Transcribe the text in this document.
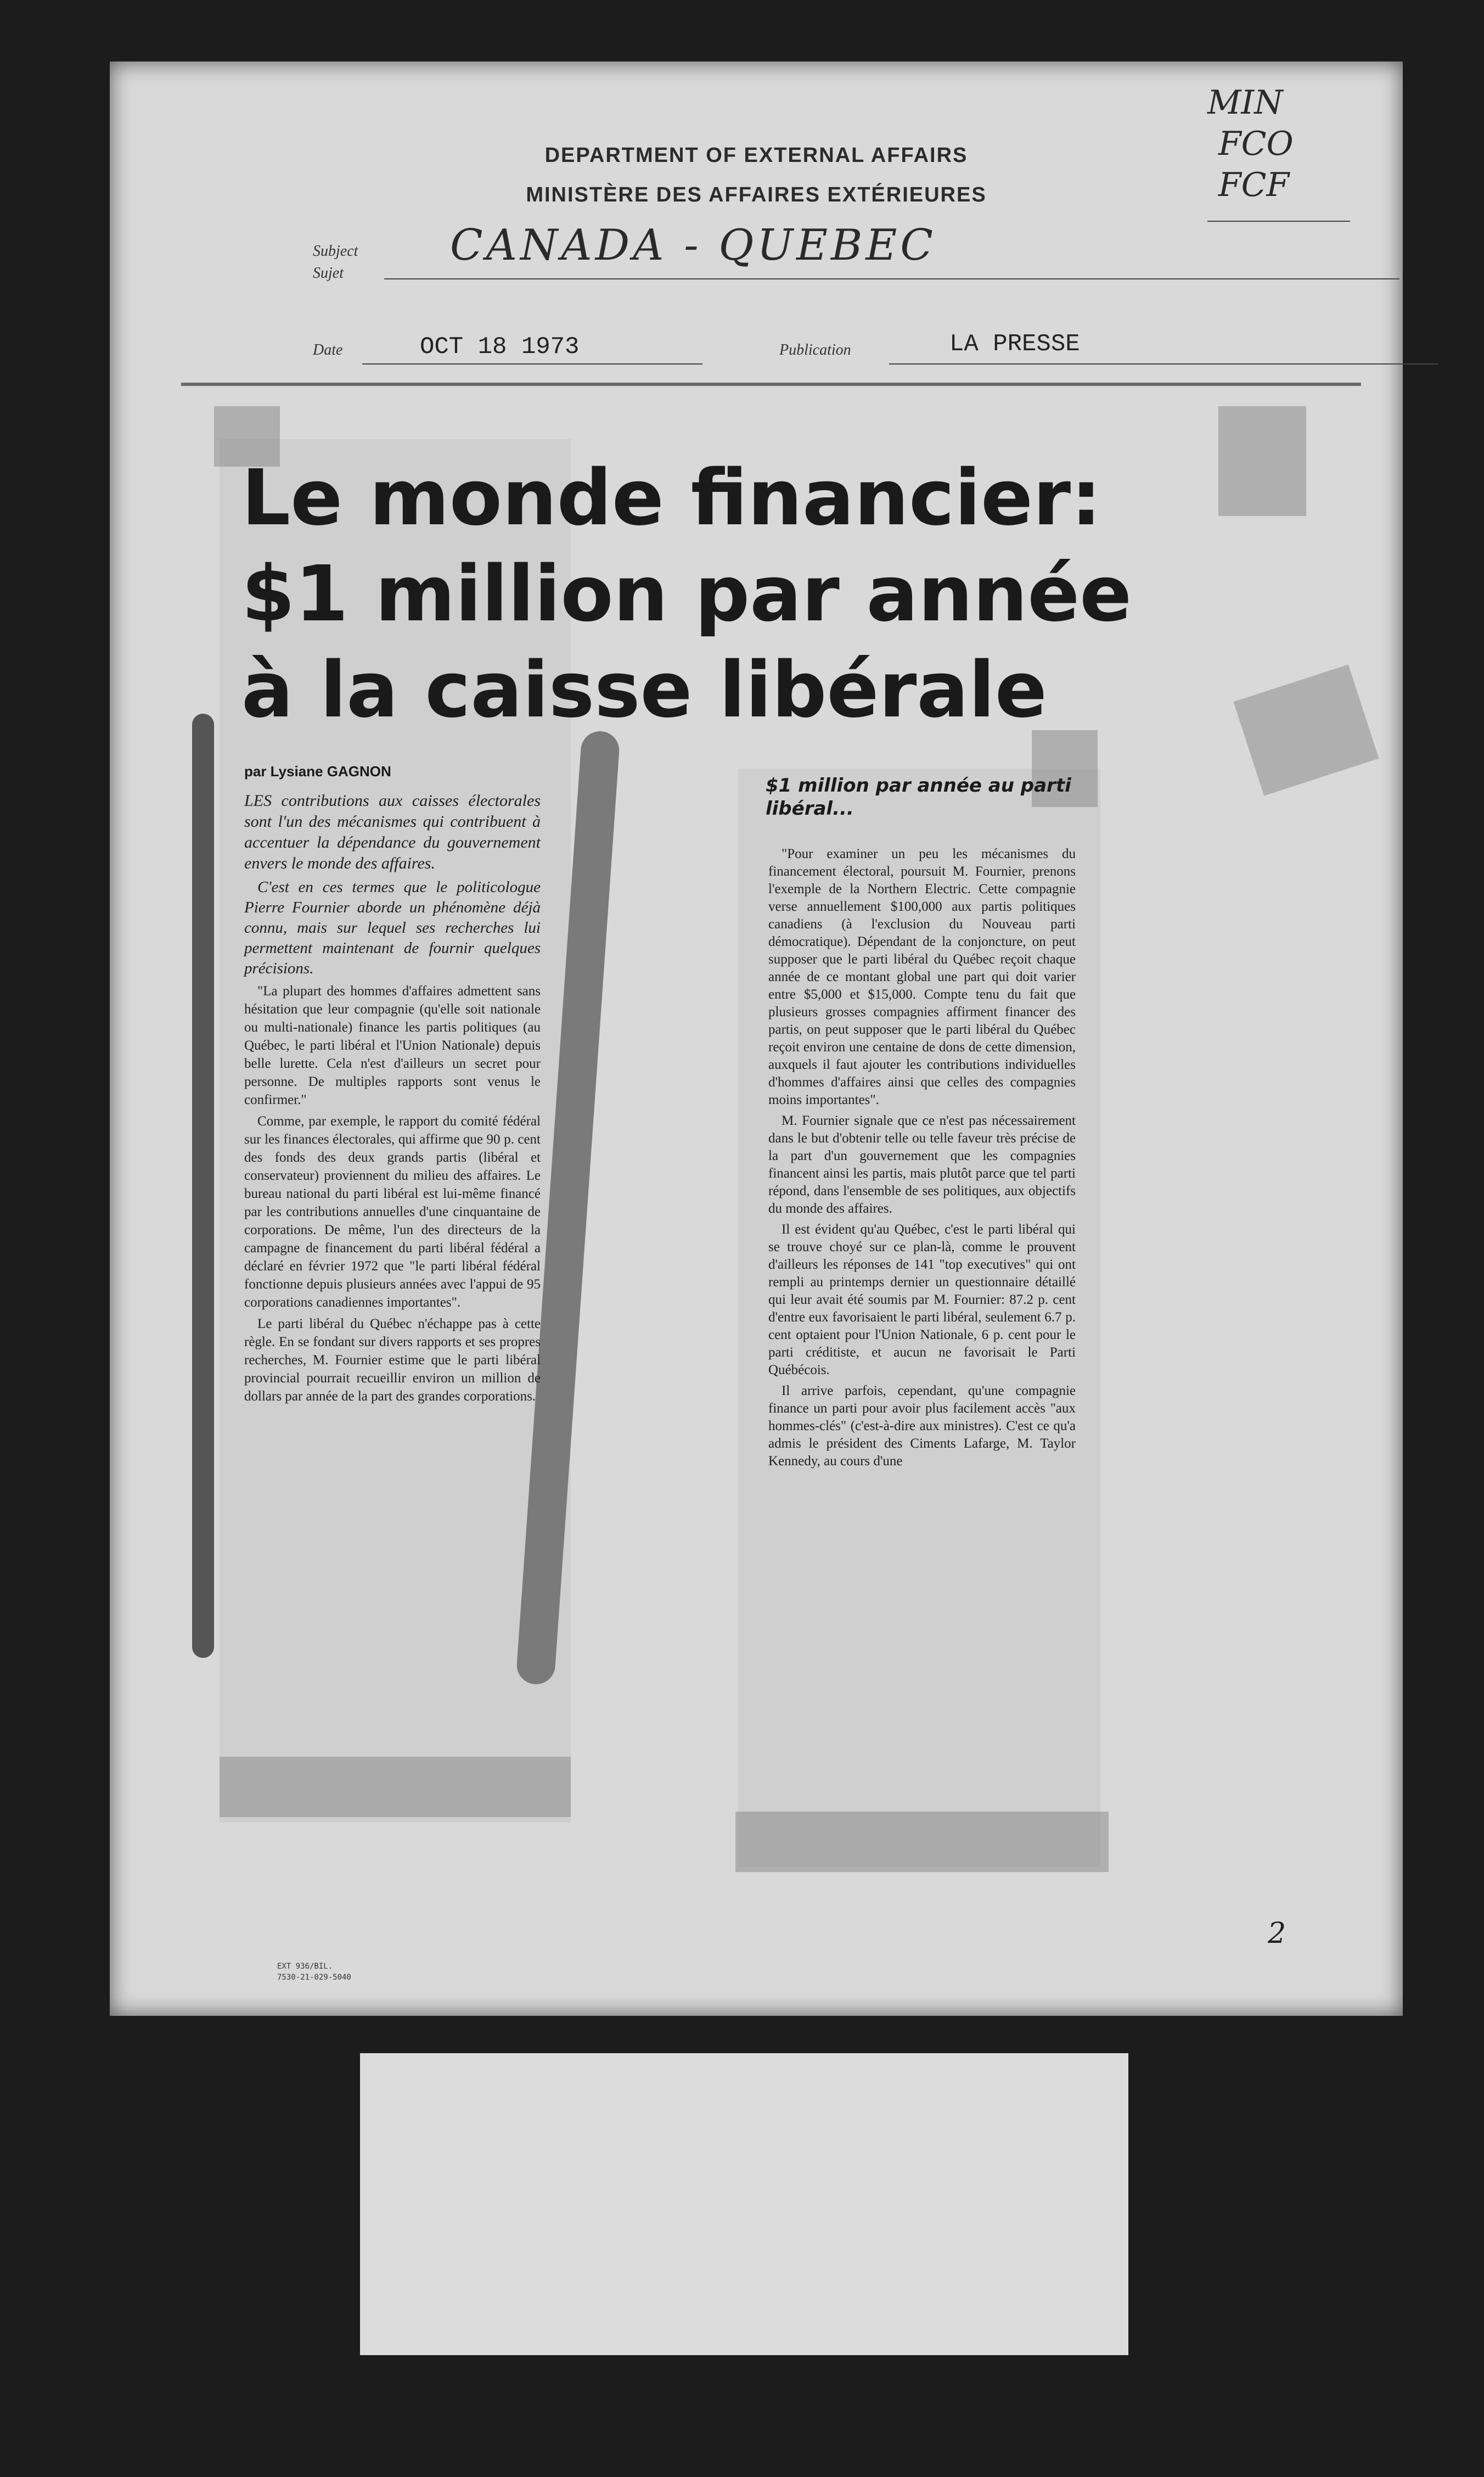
DEPARTMENT OF EXTERNAL AFFAIRS
MINISTÈRE DES AFFAIRES EXTÉRIEURES
MIN
FCO
FCF
Subject
Sujet
CANADA - QUEBEC
Date	OCT 18 1973	Publication	LA PRESSE
EXT 936/BIL.
7530-21-029-5040
2
Le monde financier:
$1 million par année
à la caisse libérale
par Lysiane GAGNON

LES contributions aux caisses électorales sont l'un des mécanismes qui contribuent à accentuer la dépendance du gouvernement envers le monde des affaires.

C'est en ces termes que le politicologue Pierre Fournier aborde un phénomène déjà connu, mais sur lequel ses recherches lui permettent maintenant de fournir quelques précisions.

"La plupart des hommes d'affaires admettent sans hésitation que leur compagnie (qu'elle soit nationale ou multi-nationale) finance les partis politiques (au Québec, le parti libéral et l'Union Nationale) depuis belle lurette. Cela n'est d'ailleurs un secret pour personne. De multiples rapports sont venus le confirmer."

Comme, par exemple, le rapport du comité fédéral sur les finances électorales, qui affirme que 90 p. cent des fonds des deux grands partis (libéral et conservateur) proviennent du milieu des affaires. Le bureau national du parti libéral est lui-même financé par les contributions annuelles d'une cinquantaine de corporations. De même, l'un des directeurs de la campagne de financement du parti libéral fédéral a déclaré en février 1972 que "le parti libéral fédéral fonctionne depuis plusieurs années avec l'appui de 95 corporations canadiennes importantes".

Le parti libéral du Québec n'échappe pas à cette règle. En se fondant sur divers rapports et ses propres recherches, M. Fournier estime que le parti libéral provincial pourrait recueillir environ un million de dollars par année de la part des grandes corporations.

$1 million par année au parti libéral...

"Pour examiner un peu les mécanismes du financement électoral, poursuit M. Fournier, prenons l'exemple de la Northern Electric. Cette compagnie verse annuellement $100,000 aux partis politiques canadiens (à l'exclusion du Nouveau parti démocratique). Dépendant de la conjoncture, on peut supposer que le parti libéral du Québec reçoit chaque année de ce montant global une part qui doit varier entre $5,000 et $15,000. Compte tenu du fait que plusieurs grosses compagnies affirment financer des partis, on peut supposer que le parti libéral du Québec reçoit environ une centaine de dons de cette dimension, auxquels il faut ajouter les contributions individuelles d'hommes d'affaires ainsi que celles des compagnies moins importantes".

M. Fournier signale que ce n'est pas nécessairement dans le but d'obtenir telle ou telle faveur très précise de la part d'un gouvernement que les compagnies financent ainsi les partis, mais plutôt parce que tel parti répond, dans l'ensemble de ses politiques, aux objectifs du monde des affaires.

Il est évident qu'au Québec, c'est le parti libéral qui se trouve choyé sur ce plan-là, comme le prouvent d'ailleurs les réponses de 141 "top executives" qui ont rempli au printemps dernier un questionnaire détaillé qui leur avait été soumis par M. Fournier: 87.2 p. cent d'entre eux favorisaient le parti libéral, seulement 6.7 p. cent optaient pour l'Union Nationale, 6 p. cent pour le parti créditiste, et aucun ne favorisait le Parti Québécois.

Il arrive parfois, cependant, qu'une compagnie finance un parti pour avoir plus facilement accès "aux hommes-clés" (c'est-à-dire aux ministres). C'est ce qu'a admis le président des Ciments Lafarge, M. Taylor Kennedy, au cours d'une
